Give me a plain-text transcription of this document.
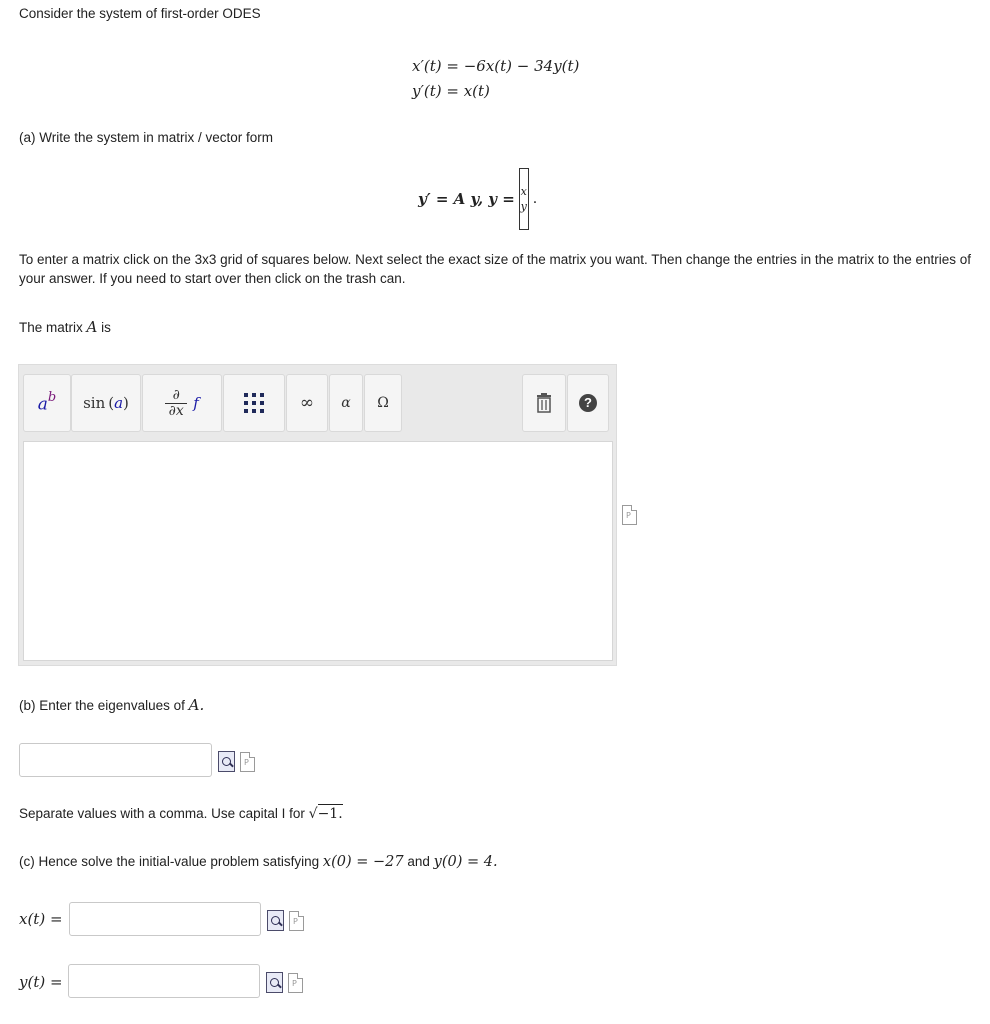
Consider the system of first-order ODES
x′(t) = −6x(t) − 34y(t)
y′(t) = x(t)
(a) Write the system in matrix / vector form
y′ = A y, y = x
y .
To enter a matrix click on the 3x3 grid of squares below. Next select the exact size of the matrix you want. Then change the entries in the matrix to the entries of your answer. If you need to start over then click on the trash can.
The matrix A is
$a^b$ sin (a)	∂
∂x f	∞ α Ω	?
P
(b) Enter the eigenvalues of A.
P
Separate values with a comma. Use capital I for √−1.
(c) Hence solve the initial-value problem satisfying x(0) = −27 and y(0) = 4.
x(t) =	P
y(t) =	P
